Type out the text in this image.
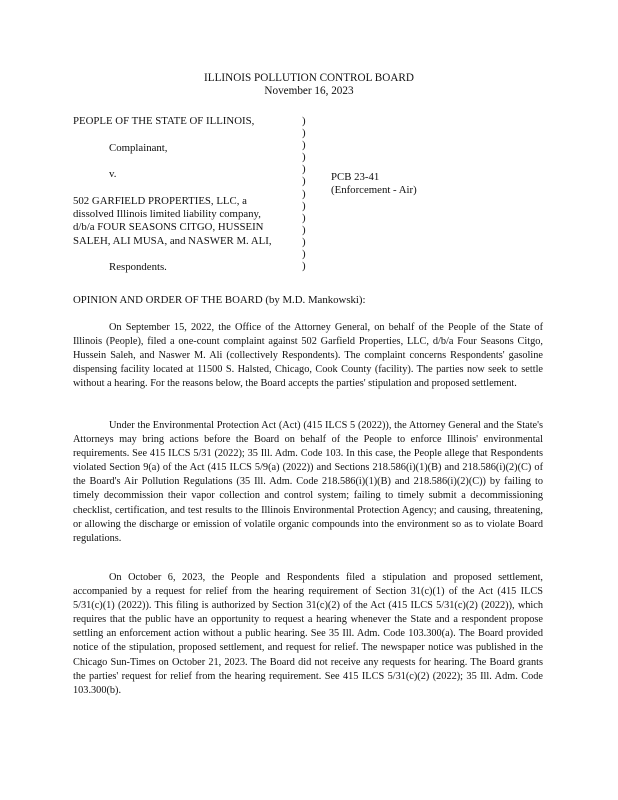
ILLINOIS POLLUTION CONTROL BOARD
November 16, 2023
PEOPLE OF THE STATE OF ILLINOIS,
Complainant,
v.
502 GARFIELD PROPERTIES, LLC, a
dissolved Illinois limited liability company,
d/b/a FOUR SEASONS CITGO, HUSSEIN
SALEH, ALI MUSA, and NASWER M. ALI,
Respondents.
)
)
)
)
)
)
)
)
)
)
)
)
)
PCB 23-41
(Enforcement - Air)
OPINION AND ORDER OF THE BOARD (by M.D. Mankowski):
On September 15, 2022, the Office of the Attorney General, on behalf of the People of the State of Illinois (People), filed a one-count complaint against 502 Garfield Properties, LLC, d/b/a Four Seasons Citgo, Hussein Saleh, and Naswer M. Ali (collectively Respondents). The complaint concerns Respondents' gasoline dispensing facility located at 11500 S. Halsted, Chicago, Cook County (facility). The parties now seek to settle without a hearing. For the reasons below, the Board accepts the parties' stipulation and proposed settlement.
Under the Environmental Protection Act (Act) (415 ILCS 5 (2022)), the Attorney General and the State's Attorneys may bring actions before the Board on behalf of the People to enforce Illinois' environmental requirements. See 415 ILCS 5/31 (2022); 35 Ill. Adm. Code 103. In this case, the People allege that Respondents violated Section 9(a) of the Act (415 ILCS 5/9(a) (2022)) and Sections 218.586(i)(1)(B) and 218.586(i)(2)(C) of the Board's Air Pollution Regulations (35 Ill. Adm. Code 218.586(i)(1)(B) and 218.586(i)(2)(C)) by failing to timely decommission their vapor collection and control system; failing to timely submit a decommissioning checklist, certification, and test results to the Illinois Environmental Protection Agency; and causing, threatening, or allowing the discharge or emission of volatile organic compounds into the environment so as to violate Board regulations.
On October 6, 2023, the People and Respondents filed a stipulation and proposed settlement, accompanied by a request for relief from the hearing requirement of Section 31(c)(1) of the Act (415 ILCS 5/31(c)(1) (2022)). This filing is authorized by Section 31(c)(2) of the Act (415 ILCS 5/31(c)(2) (2022)), which requires that the public have an opportunity to request a hearing whenever the State and a respondent propose settling an enforcement action without a public hearing. See 35 Ill. Adm. Code 103.300(a). The Board provided notice of the stipulation, proposed settlement, and request for relief. The newspaper notice was published in the Chicago Sun-Times on October 21, 2023. The Board did not receive any requests for hearing. The Board grants the parties' request for relief from the hearing requirement. See 415 ILCS 5/31(c)(2) (2022); 35 Ill. Adm. Code 103.300(b).
